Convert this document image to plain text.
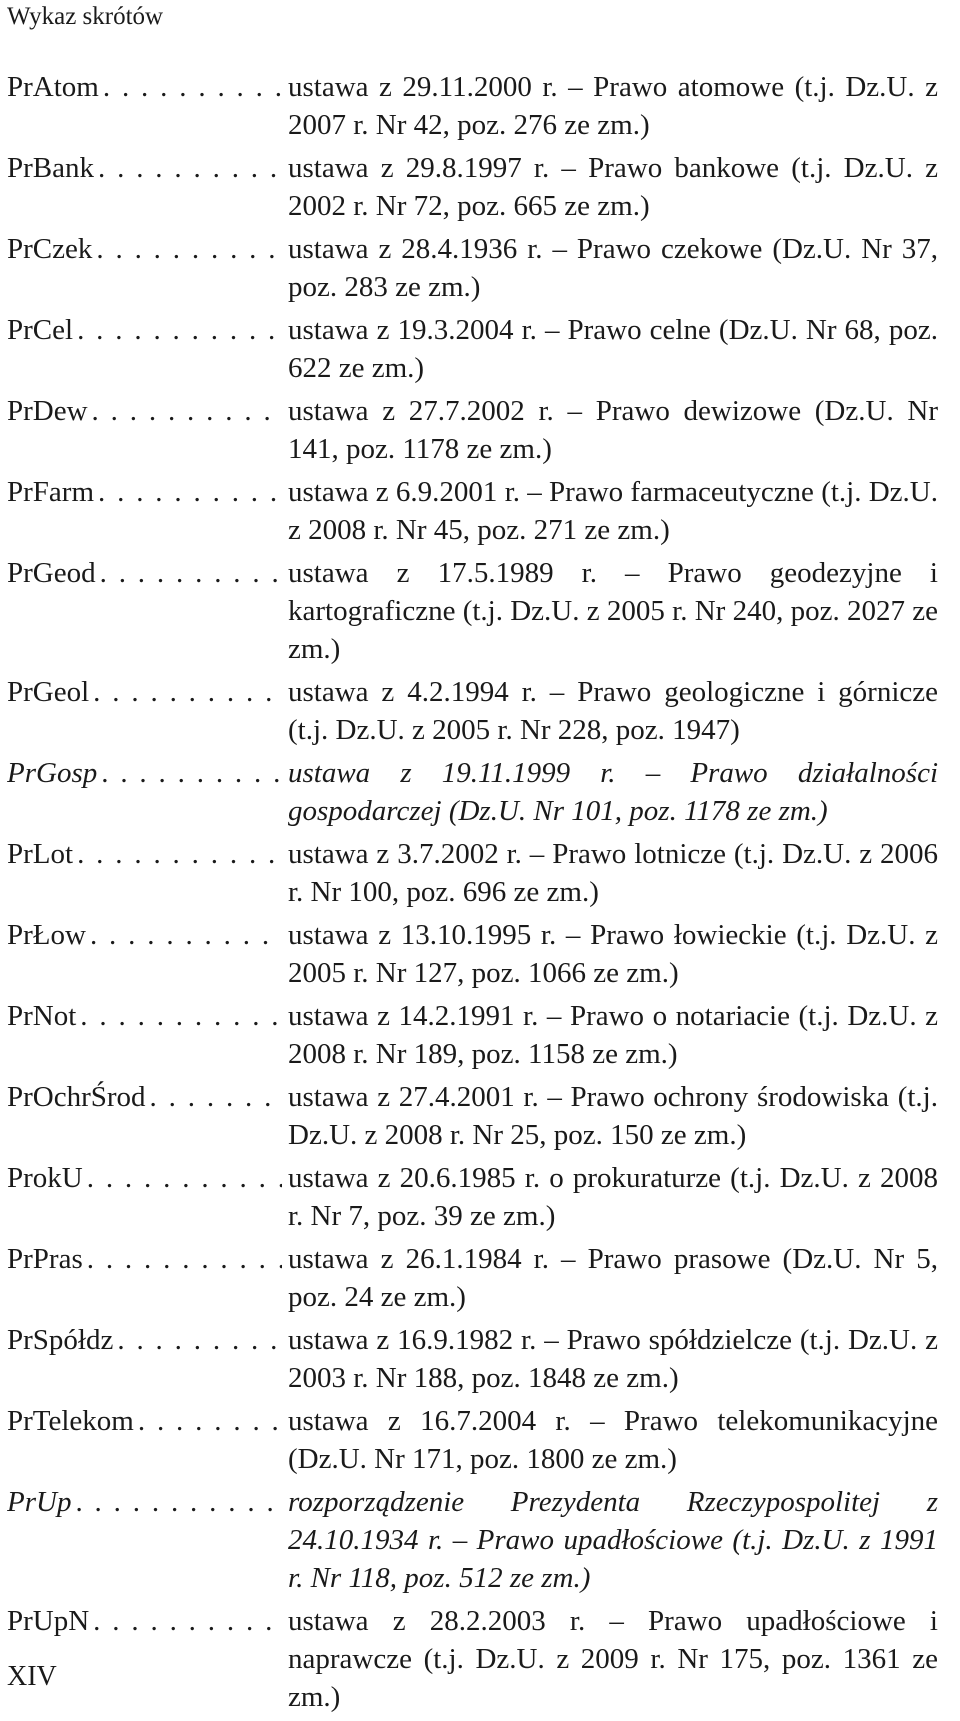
Wykaz skrótów
PrAtom . . .	ustawa z 29.11.2000 r. – Prawo atomowe (t.j. Dz.U. z 2007 r. Nr 42, poz. 276 ze zm.)
PrBank . . .	ustawa z 29.8.1997 r. – Prawo bankowe (t.j. Dz.U. z 2002 r. Nr 72, poz. 665 ze zm.)
PrCzek . . .	ustawa z 28.4.1936 r. – Prawo czekowe (Dz.U. Nr 37, poz. 283 ze zm.)
PrCel . . .	ustawa z 19.3.2004 r. – Prawo celne (Dz.U. Nr 68, poz. 622 ze zm.)
PrDew . . .	ustawa z 27.7.2002 r. – Prawo dewizowe (Dz.U. Nr 141, poz. 1178 ze zm.)
PrFarm . . .	ustawa z 6.9.2001 r. – Prawo farmaceutyczne (t.j. Dz.U. z 2008 r. Nr 45, poz. 271 ze zm.)
PrGeod . . .	ustawa z 17.5.1989 r. – Prawo geodezyjne i kartograficzne (t.j. Dz.U. z 2005 r. Nr 240, poz. 2027 ze zm.)
PrGeol . . .	ustawa z 4.2.1994 r. – Prawo geologiczne i górnicze (t.j. Dz.U. z 2005 r. Nr 228, poz. 1947)
PrGosp . . .	ustawa z 19.11.1999 r. – Prawo działalności gospodarczej (Dz.U. Nr 101, poz. 1178 ze zm.)
PrLot . . .	ustawa z 3.7.2002 r. – Prawo lotnicze (t.j. Dz.U. z 2006 r. Nr 100, poz. 696 ze zm.)
PrŁow . . .	ustawa z 13.10.1995 r. – Prawo łowieckie (t.j. Dz.U. z 2005 r. Nr 127, poz. 1066 ze zm.)
PrNot . . .	ustawa z 14.2.1991 r. – Prawo o notariacie (t.j. Dz.U. z 2008 r. Nr 189, poz. 1158 ze zm.)
PrOchrŚrod . . .	ustawa z 27.4.2001 r. – Prawo ochrony środowiska (t.j. Dz.U. z 2008 r. Nr 25, poz. 150 ze zm.)
ProkU . . .	ustawa z 20.6.1985 r. o prokuraturze (t.j. Dz.U. z 2008 r. Nr 7, poz. 39 ze zm.)
PrPras . . .	ustawa z 26.1.1984 r. – Prawo prasowe (Dz.U. Nr 5, poz. 24 ze zm.)
PrSpółdz . . .	ustawa z 16.9.1982 r. – Prawo spółdzielcze (t.j. Dz.U. z 2003 r. Nr 188, poz. 1848 ze zm.)
PrTelekom . . .	ustawa z 16.7.2004 r. – Prawo telekomunikacyjne (Dz.U. Nr 171, poz. 1800 ze zm.)
PrUp . . .	rozporządzenie Prezydenta Rzeczypospolitej z 24.10.1934 r. – Prawo upadłościowe (t.j. Dz.U. z 1991 r. Nr 118, poz. 512 ze zm.)
PrUpN . . .	ustawa z 28.2.2003 r. – Prawo upadłościowe i naprawcze (t.j. Dz.U. z 2009 r. Nr 175, poz. 1361 ze zm.)
XIV
